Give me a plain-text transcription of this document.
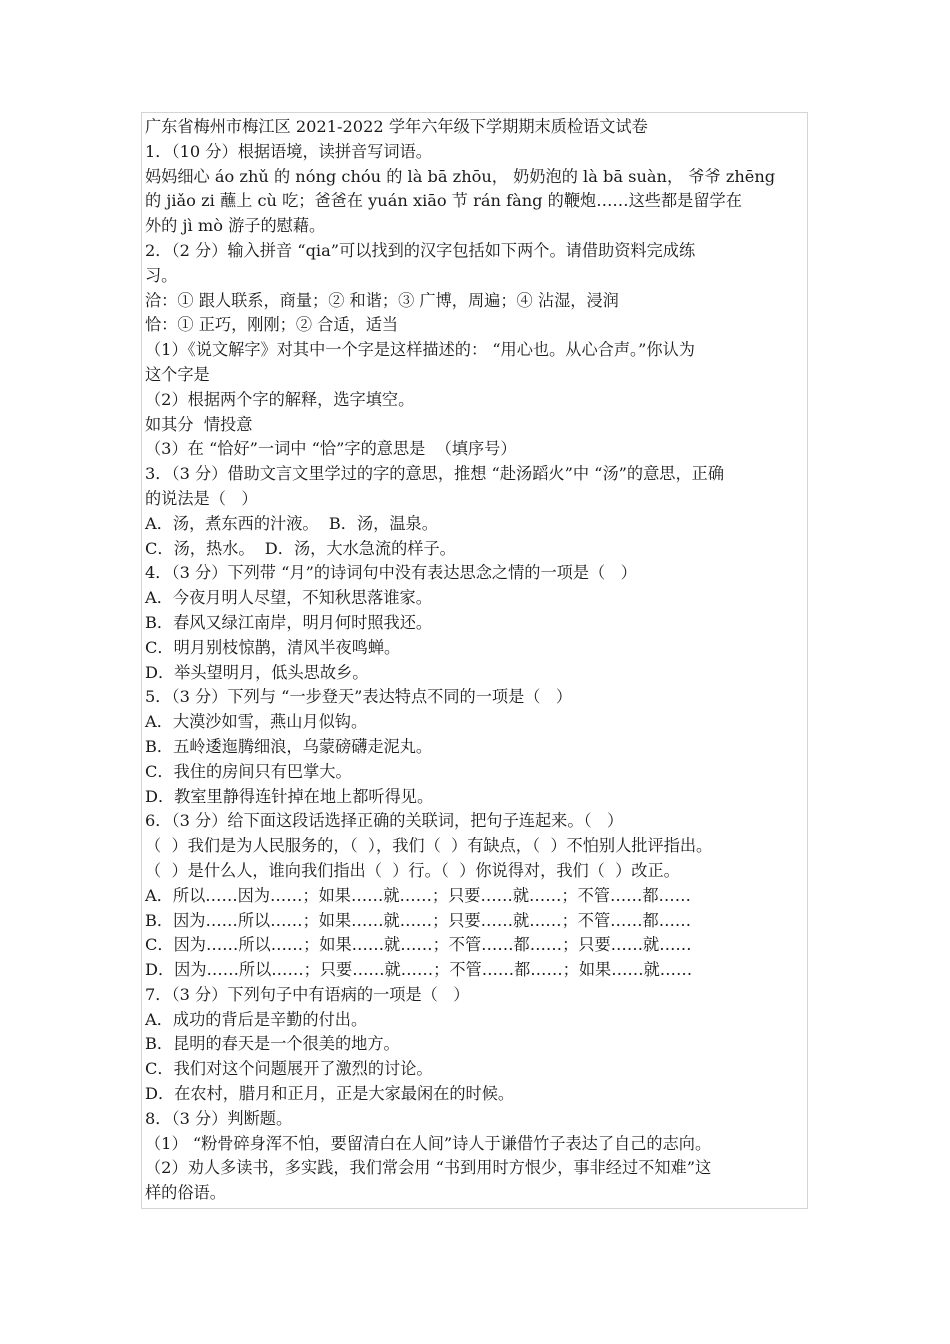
广东省梅州市梅江区 2021-2022 学年六年级下学期期末质检语文试卷
1．（10 分）根据语境，读拼音写词语。
妈妈细心 áo zhǔ 的 nóng chóu 的 là bā zhōu， 奶奶泡的 là bā suàn， 爷爷 zhēng
的 jiǎo zi 蘸上 cù 吃；爸爸在 yuán xiāo 节 rán fàng 的鞭炮……这些都是留学在
外的 jì mò 游子的慰藉。
2．（2 分）输入拼音 “qia”可以找到的汉字包括如下两个。请借助资料完成练
习。
洽：① 跟人联系，商量；② 和谐；③ 广博，周遍；④ 沾湿，浸润
恰：① 正巧，刚刚；② 合适，适当
（1）《说文解字》对其中一个字是这样描述的： “用心也。从心合声。”你认为
这个字是
（2）根据两个字的解释，选字填空。
如其分  情投意
（3）在 “恰好”一词中 “恰”字的意思是  （填序号）
3．（3 分）借助文言文里学过的字的意思，推想 “赴汤蹈火”中 “汤”的意思，正确
的说法是（   ）
A．汤，煮东西的汁液。  B．汤，温泉。
C．汤，热水。  D．汤，大水急流的样子。
4．（3 分）下列带 “月”的诗词句中没有表达思念之情的一项是（   ）
A．今夜月明人尽望，不知秋思落谁家。
B．春风又绿江南岸，明月何时照我还。
C．明月别枝惊鹊，清风半夜鸣蝉。
D．举头望明月，低头思故乡。
5．（3 分）下列与 “一步登天”表达特点不同的一项是（   ）
A．大漠沙如雪，燕山月似钩。
B．五岭逶迤腾细浪，乌蒙磅礴走泥丸。
C．我住的房间只有巴掌大。
D．教室里静得连针掉在地上都听得见。
6．（3 分）给下面这段话选择正确的关联词，把句子连起来。（   ）
（  ）我们是为人民服务的，（  ），我们（  ）有缺点，（  ）不怕别人批评指出。
（  ）是什么人，谁向我们指出（  ）行。（  ）你说得对，我们（  ）改正。
A．所以……因为……；如果……就……；只要……就……；不管……都……
B．因为……所以……；如果……就……；只要……就……；不管……都……
C．因为……所以……；如果……就……；不管……都……；只要……就……
D．因为……所以……；只要……就……；不管……都……；如果……就……
7．（3 分）下列句子中有语病的一项是（   ）
A．成功的背后是辛勤的付出。
B．昆明的春天是一个很美的地方。
C．我们对这个问题展开了激烈的讨论。
D．在农村，腊月和正月，正是大家最闲在的时候。
8．（3 分）判断题。
（1） “粉骨碎身浑不怕，要留清白在人间”诗人于谦借竹子表达了自己的志向。
（2）劝人多读书，多实践，我们常会用 “书到用时方恨少，事非经过不知难”这
样的俗语。
